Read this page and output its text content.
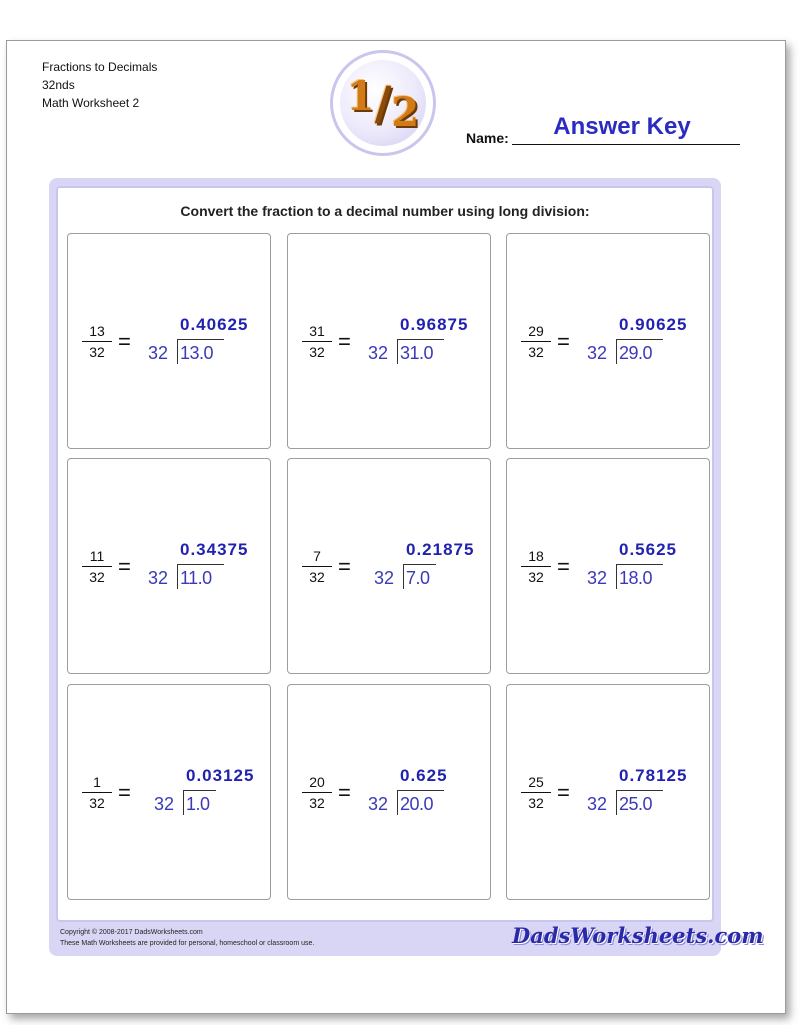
Fractions to Decimals
32nds
Math Worksheet 2	1 / 2
Name:	Answer Key
Convert the fraction to a decimal number using long division:
13
32 = 32 13.0
0.40625	31
32 = 32 31.0
0.96875	29
32 = 32 29.0
0.90625
11
32 = 32 11.0
0.34375	7
32 = 32 7.0
0.21875	18
32 = 32 18.0
0.5625
1
32 = 32 1.0
0.03125	20
32 = 32 20.0
0.625	25
32 = 32 25.0
0.78125
Copyright © 2008-2017 DadsWorksheets.com
These Math Worksheets are provided for personal, homeschool or classroom use.	DadsWorksheets.com
